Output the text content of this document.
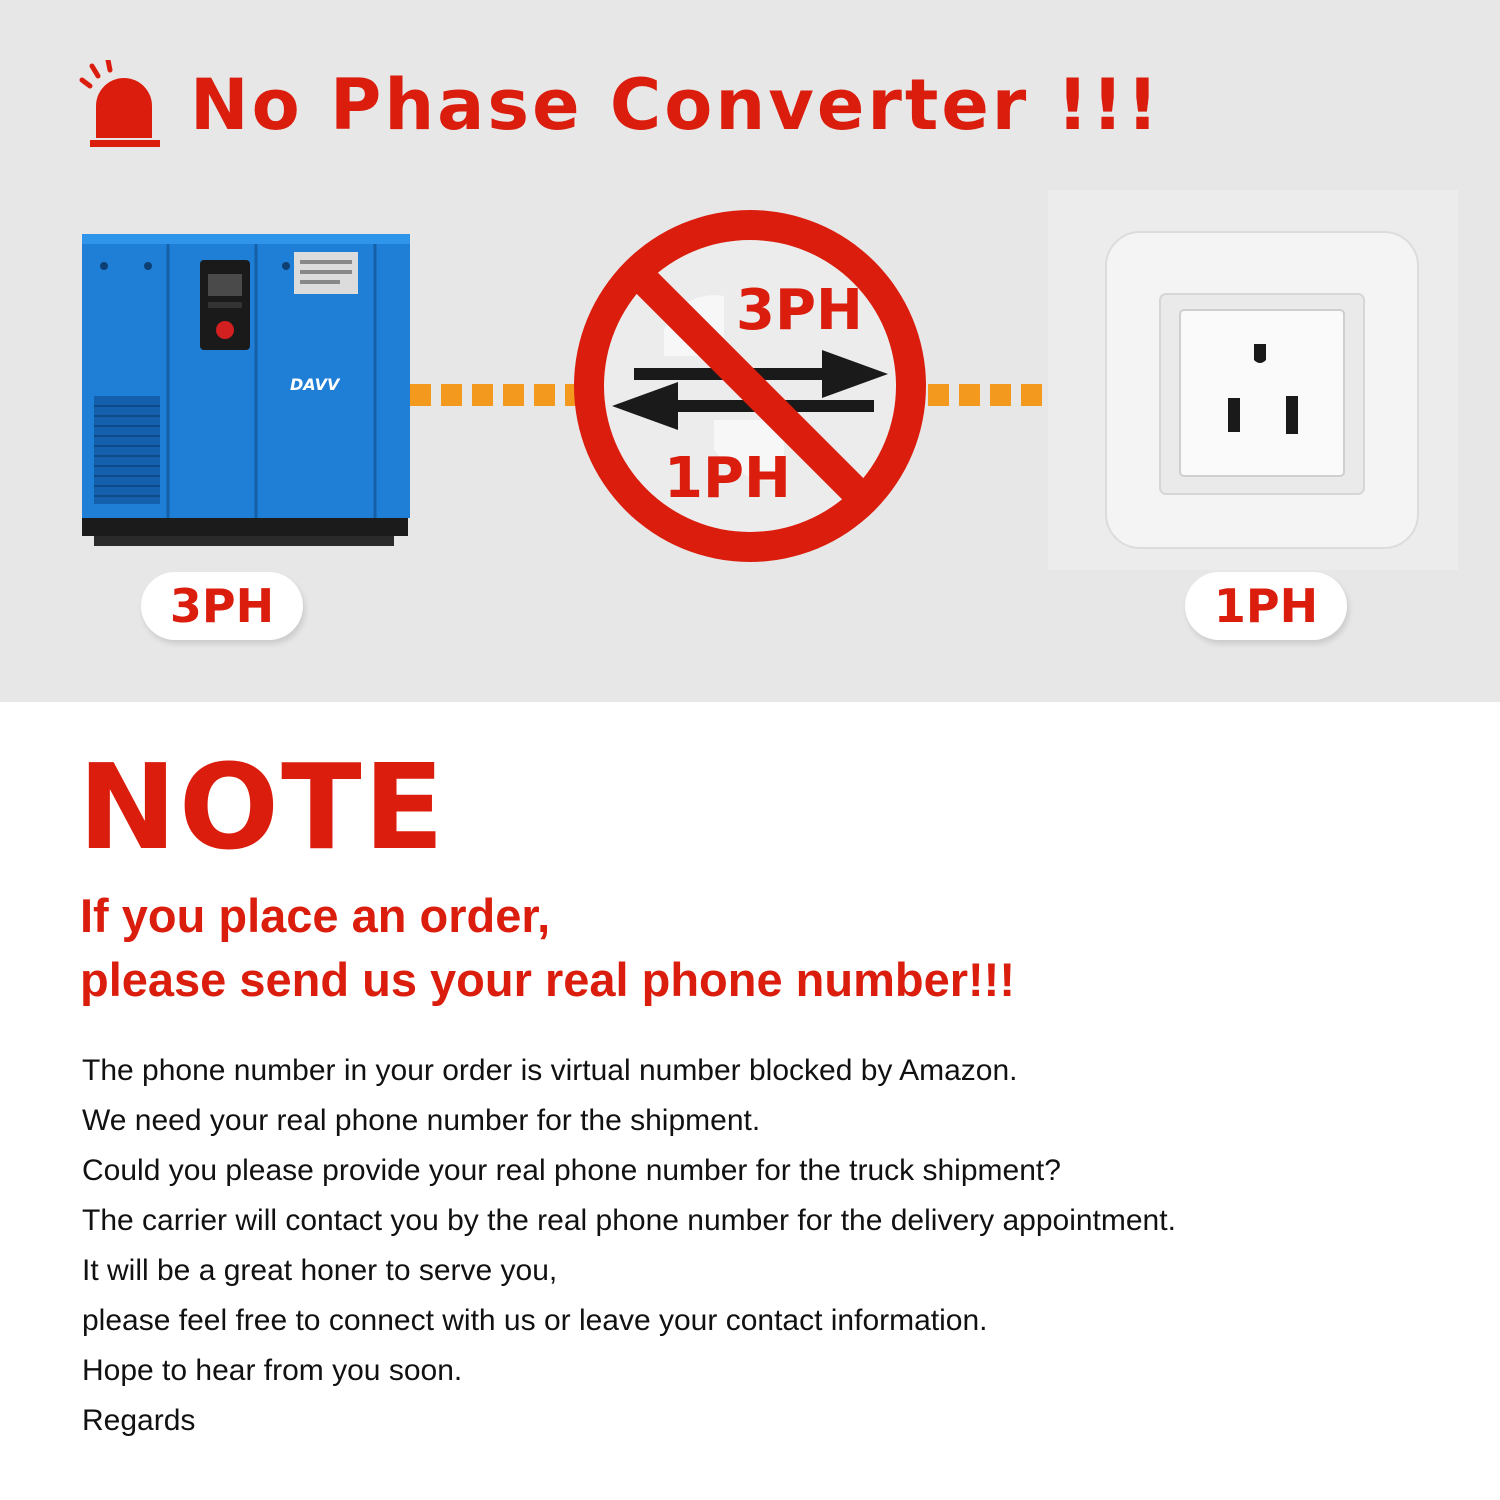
No Phase Converter !!!
DAVV
3PH
1PH
3PH	1PH
NOTE
If you place an order,
please send us your real phone number!!!
The phone number in your order is virtual number blocked by Amazon.
We need your real phone number for the shipment.
Could you please provide your real phone number for the truck shipment?
The carrier will contact you by the real phone number for the delivery appointment.
It will be a great honer to serve you,
please feel free to connect with us or leave your contact information.
Hope to hear from you soon.
Regards
